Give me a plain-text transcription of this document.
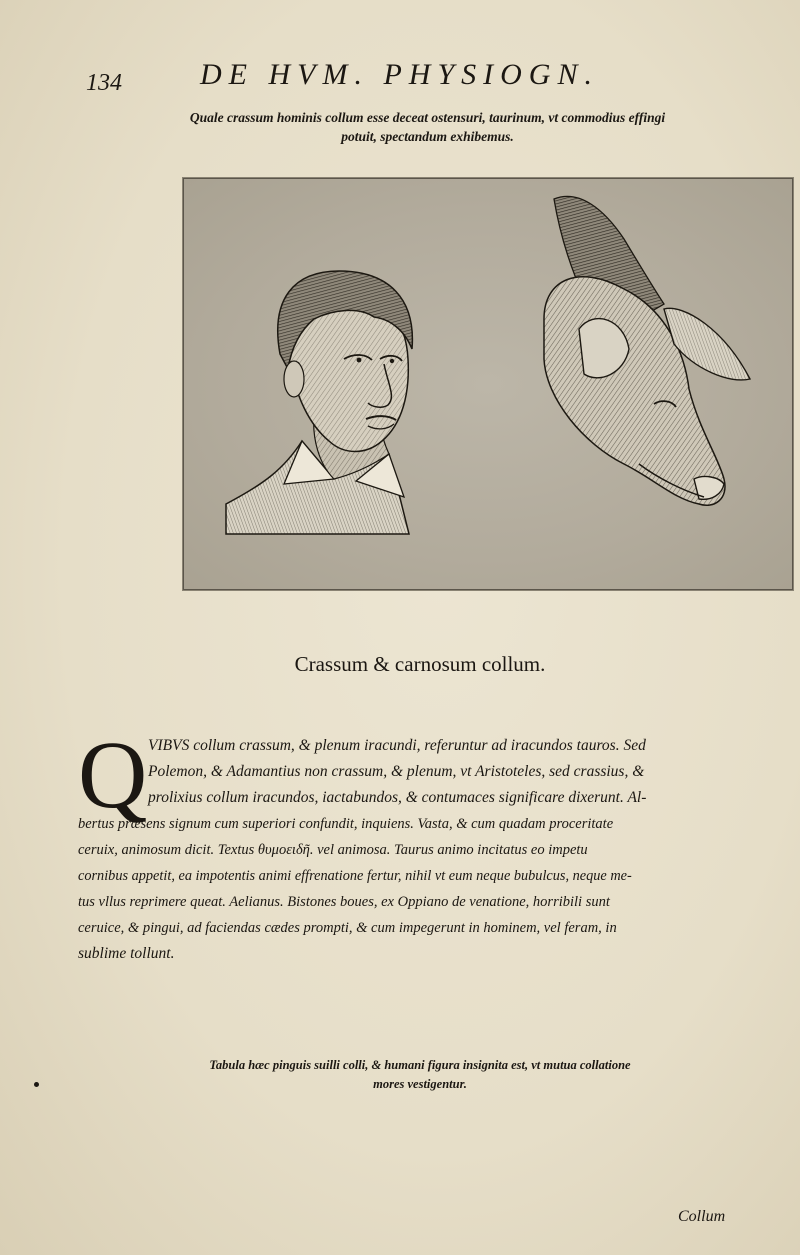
134	DE HVM. PHYSIOGN.
Quale crassum hominis collum esse deceat ostensuri, taurinum, vt commodius effingi
potuit, spectandum exhibemus.
Crassum & carnosum collum.
Q VIBVS collum crassum, & plenum iracundi, referuntur ad iracundos tauros. Sed
Polemon, & Adamantius non crassum, & plenum, vt Aristoteles, sed crassius, &
prolixius collum iracundos, iactabundos, & contumaces significare dixerunt. Al-
bertus præsens signum cum superiori confundit, inquiens. Vasta, & cum quadam proceritate
ceruix, animosum dicit. Textus θυμοειδῆ. vel animosa. Taurus animo incitatus eo impetu
cornibus appetit, ea impotentis animi effrenatione fertur, nihil vt eum neque bubulcus, neque me-
tus vllus reprimere queat. Aelianus. Bistones boues, ex Oppiano de venatione, horribili sunt
ceruice, & pingui, ad faciendas cædes prompti, & cum impegerunt in hominem, vel feram, in
sublime tollunt.
Tabula hæc pinguis suilli colli, & humani figura insignita est, vt mutua collatione
mores vestigentur.
Collum
